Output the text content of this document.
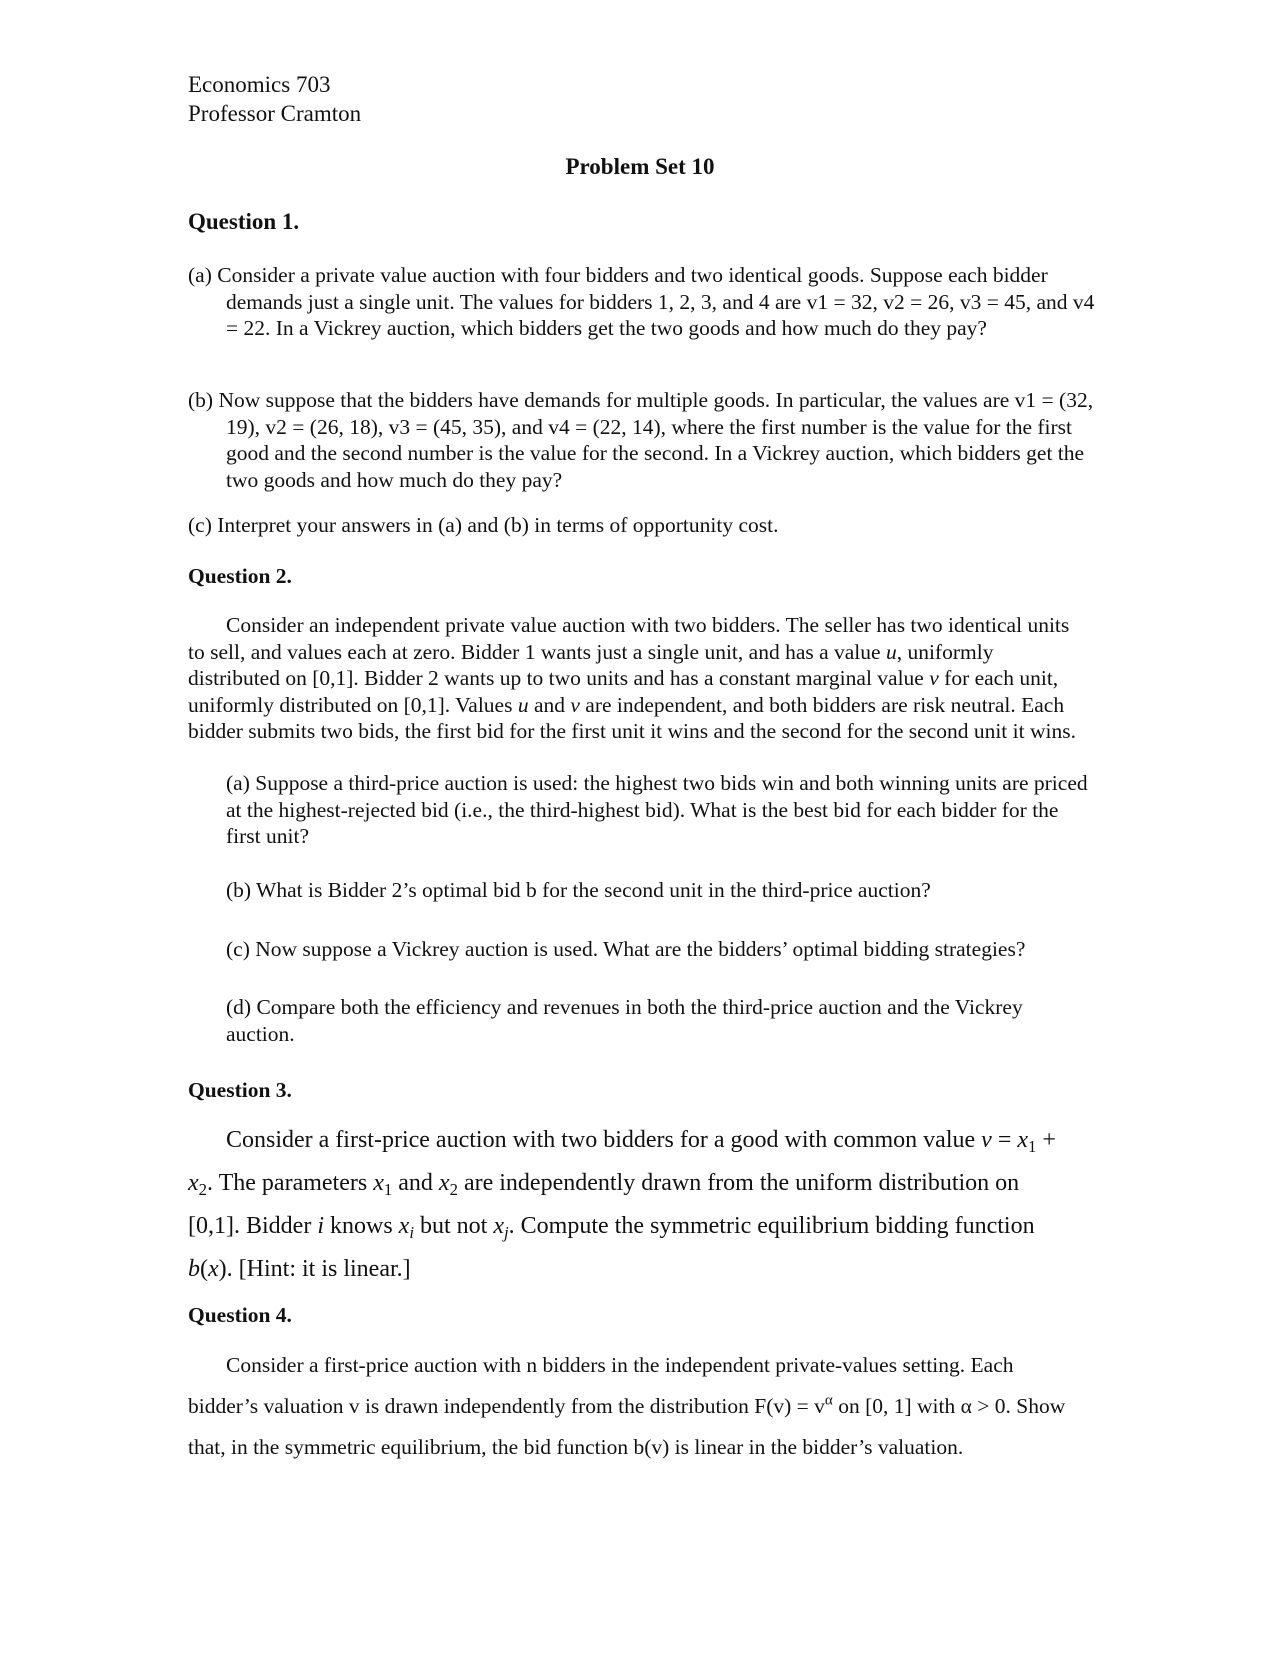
Economics 703
Professor Cramton
Problem Set 10
Question 1.

(a) Consider a private value auction with four bidders and two identical goods. Suppose each bidder demands just a single unit. The values for bidders 1, 2, 3, and 4 are v1 = 32, v2 = 26, v3 = 45, and v4 = 22. In a Vickrey auction, which bidders get the two goods and how much do they pay?

(b) Now suppose that the bidders have demands for multiple goods. In particular, the values are v1 = (32, 19), v2 = (26, 18), v3 = (45, 35), and v4 = (22, 14), where the first number is the value for the first good and the second number is the value for the second. In a Vickrey auction, which bidders get the two goods and how much do they pay?

(c) Interpret your answers in (a) and (b) in terms of opportunity cost.

Question 2.

Consider an independent private value auction with two bidders. The seller has two identical units to sell, and values each at zero. Bidder 1 wants just a single unit, and has a value u, uniformly distributed on [0,1]. Bidder 2 wants up to two units and has a constant marginal value v for each unit, uniformly distributed on [0,1]. Values u and v are independent, and both bidders are risk neutral. Each bidder submits two bids, the first bid for the first unit it wins and the second for the second unit it wins.

(a) Suppose a third-price auction is used: the highest two bids win and both winning units are priced at the highest-rejected bid (i.e., the third-highest bid). What is the best bid for each bidder for the first unit?

(b) What is Bidder 2’s optimal bid b for the second unit in the third-price auction?

(c) Now suppose a Vickrey auction is used. What are the bidders’ optimal bidding strategies?

(d) Compare both the efficiency and revenues in both the third-price auction and the Vickrey auction.

Question 3.

Consider a first-price auction with two bidders for a good with common value $v = x_1 + x_2$. The parameters $x_1$ and $x_2$ are independently drawn from the uniform distribution on [0,1]. Bidder i knows $x_i$ but not $x_j$. Compute the symmetric equilibrium bidding function b(x). [Hint: it is linear.]

Question 4.

Consider a first-price auction with n bidders in the independent private-values setting. Each bidder’s valuation v is drawn independently from the distribution $F(v) = v^\alpha$ on [0, 1] with α > 0. Show that, in the symmetric equilibrium, the bid function b(v) is linear in the bidder’s valuation.
